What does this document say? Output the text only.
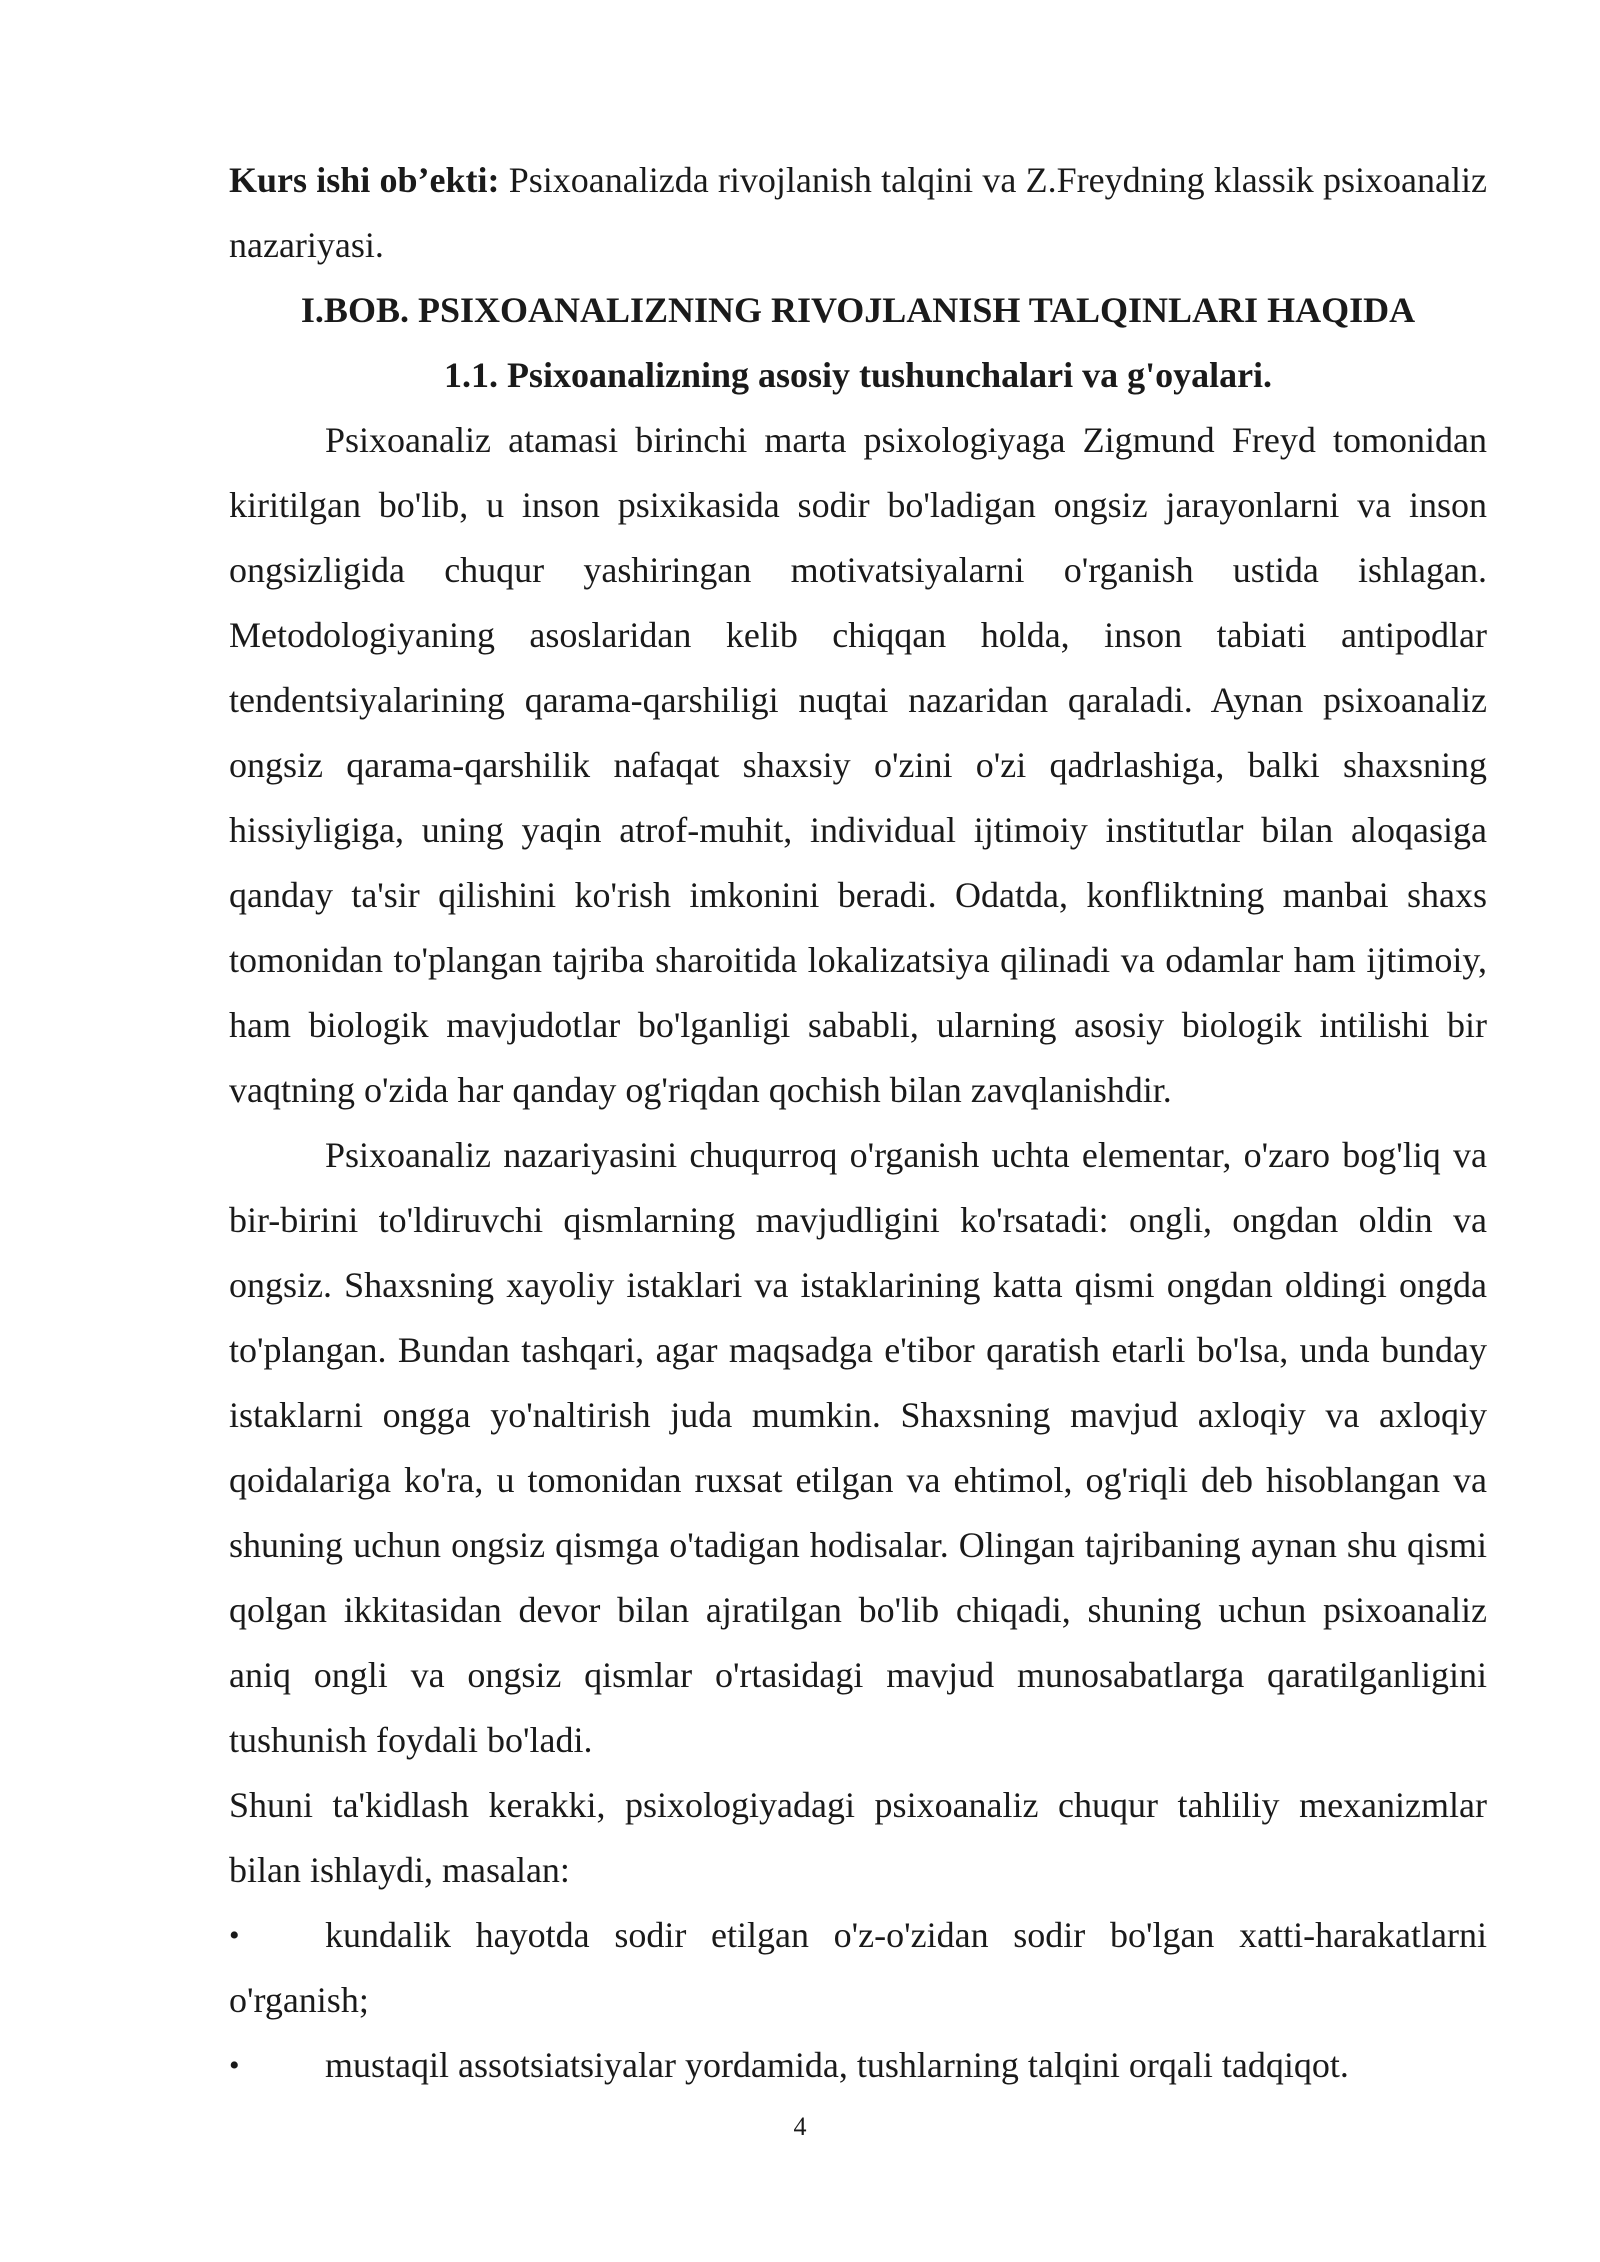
Kurs ishi ob’ekti: Psixoanalizda rivojlanish talqini va Z.Freydning klassik psixoanaliz nazariyasi.

I.BOB. PSIXOANALIZNING RIVOJLANISH TALQINLARI HAQIDA

1.1. Psixoanalizning asosiy tushunchalari va g'oyalari.

Psixoanaliz atamasi birinchi marta psixologiyaga Zigmund Freyd tomonidan kiritilgan bo'lib, u inson psixikasida sodir bo'ladigan ongsiz jarayonlarni va inson ongsizligida chuqur yashiringan motivatsiyalarni o'rganish ustida ishlagan. Metodologiyaning asoslaridan kelib chiqqan holda, inson tabiati antipodlar tendentsiyalarining qarama-qarshiligi nuqtai nazaridan qaraladi. Aynan psixoanaliz ongsiz qarama-qarshilik nafaqat shaxsiy o'zini o'zi qadrlashiga, balki shaxsning hissiyligiga, uning yaqin atrof-muhit, individual ijtimoiy institutlar bilan aloqasiga qanday ta'sir qilishini ko'rish imkonini beradi. Odatda, konfliktning manbai shaxs tomonidan to'plangan tajriba sharoitida lokalizatsiya qilinadi va odamlar ham ijtimoiy, ham biologik mavjudotlar bo'lganligi sababli, ularning asosiy biologik intilishi bir vaqtning o'zida har qanday og'riqdan qochish bilan zavqlanishdir.

Psixoanaliz nazariyasini chuqurroq o'rganish uchta elementar, o'zaro bog'liq va bir-birini to'ldiruvchi qismlarning mavjudligini ko'rsatadi: ongli, ongdan oldin va ongsiz. Shaxsning xayoliy istaklari va istaklarining katta qismi ongdan oldingi ongda to'plangan. Bundan tashqari, agar maqsadga e'tibor qaratish etarli bo'lsa, unda bunday istaklarni ongga yo'naltirish juda mumkin. Shaxsning mavjud axloqiy va axloqiy qoidalariga ko'ra, u tomonidan ruxsat etilgan va ehtimol, og'riqli deb hisoblangan va shuning uchun ongsiz qismga o'tadigan hodisalar. Olingan tajribaning aynan shu qismi qolgan ikkitasidan devor bilan ajratilgan bo'lib chiqadi, shuning uchun psixoanaliz aniq ongli va ongsiz qismlar o'rtasidagi mavjud munosabatlarga qaratilganligini tushunish foydali bo'ladi.

Shuni ta'kidlash kerakki, psixologiyadagi psixoanaliz chuqur tahliliy mexanizmlar bilan ishlaydi, masalan:

• kundalik hayotda sodir etilgan o'z-o'zidan sodir bo'lgan xatti-harakatlarni o'rganish;
• mustaqil assotsiatsiyalar yordamida, tushlarning talqini orqali tadqiqot.
4
